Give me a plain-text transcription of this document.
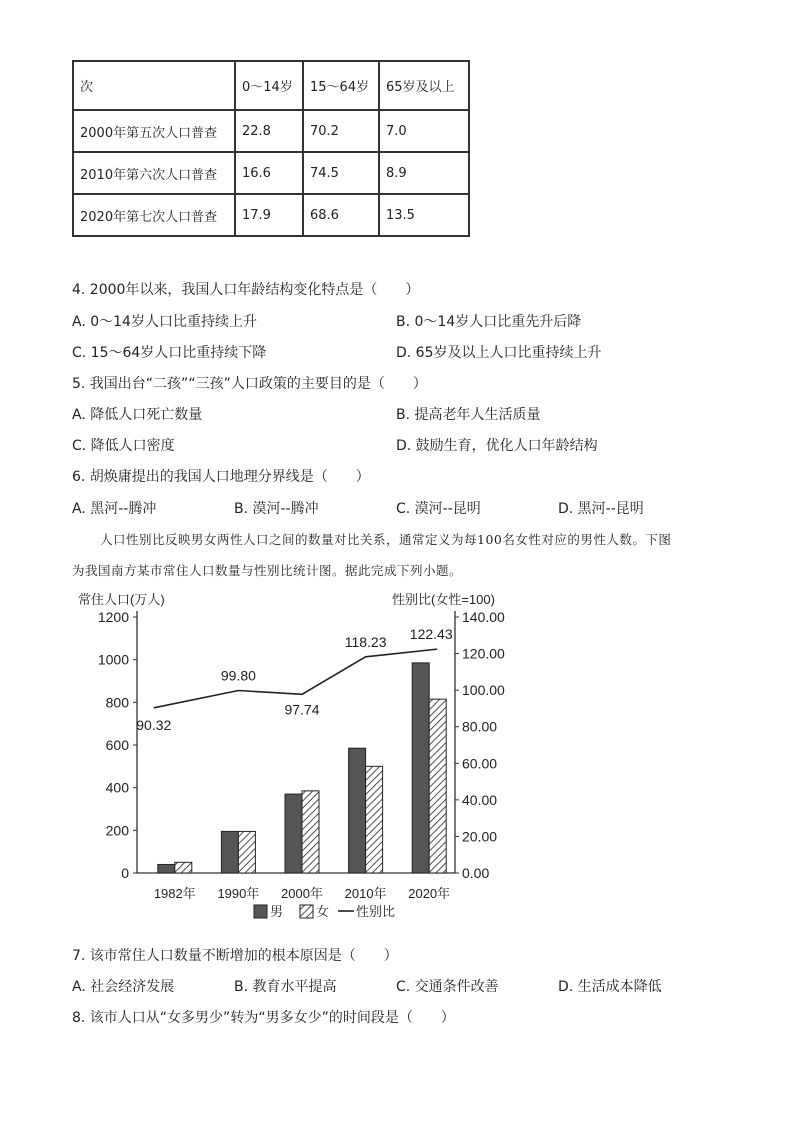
次	0～14岁	15～64岁	65岁及以上
2000年第五次人口普查	22.8	70.2	7.0
2010年第六次人口普查	16.6	74.5	8.9
2020年第七次人口普查	17.9	68.6	13.5
4. 2000年以来，我国人口年龄结构变化特点是（　　）
A. 0～14岁人口比重持续上升	B. 0～14岁人口比重先升后降
C. 15～64岁人口比重持续下降	D. 65岁及以上人口比重持续上升
5. 我国出台“二孩”“三孩”人口政策的主要目的是（　　）
A. 降低人口死亡数量	B. 提高老年人生活质量
C. 降低人口密度	D. 鼓励生育，优化人口年龄结构
6. 胡焕庸提出的我国人口地理分界线是（　　）
A. 黑河--腾冲	B. 漠河--腾冲	C. 漠河--昆明	D. 黑河--昆明
人口性别比反映男女两性人口之间的数量对比关系，通常定义为每100名女性对应的男性人数。下图
为我国南方某市常住人口数量与性别比统计图。据此完成下列小题。
常住人口(万人)	性别比(女性=100)
0
200
400
600
800
1000
1200
0.00
20.00
40.00
60.00
80.00
100.00
120.00
140.00
1982年 1990年 2000年 2010年 2020年
90.32
99.80
97.74
118.23 122.43
男	女 性别比
7. 该市常住人口数量不断增加的根本原因是（　　）
A. 社会经济发展	B. 教育水平提高	C. 交通条件改善	D. 生活成本降低
8. 该市人口从“女多男少”转为“男多女少”的时间段是（　　）
